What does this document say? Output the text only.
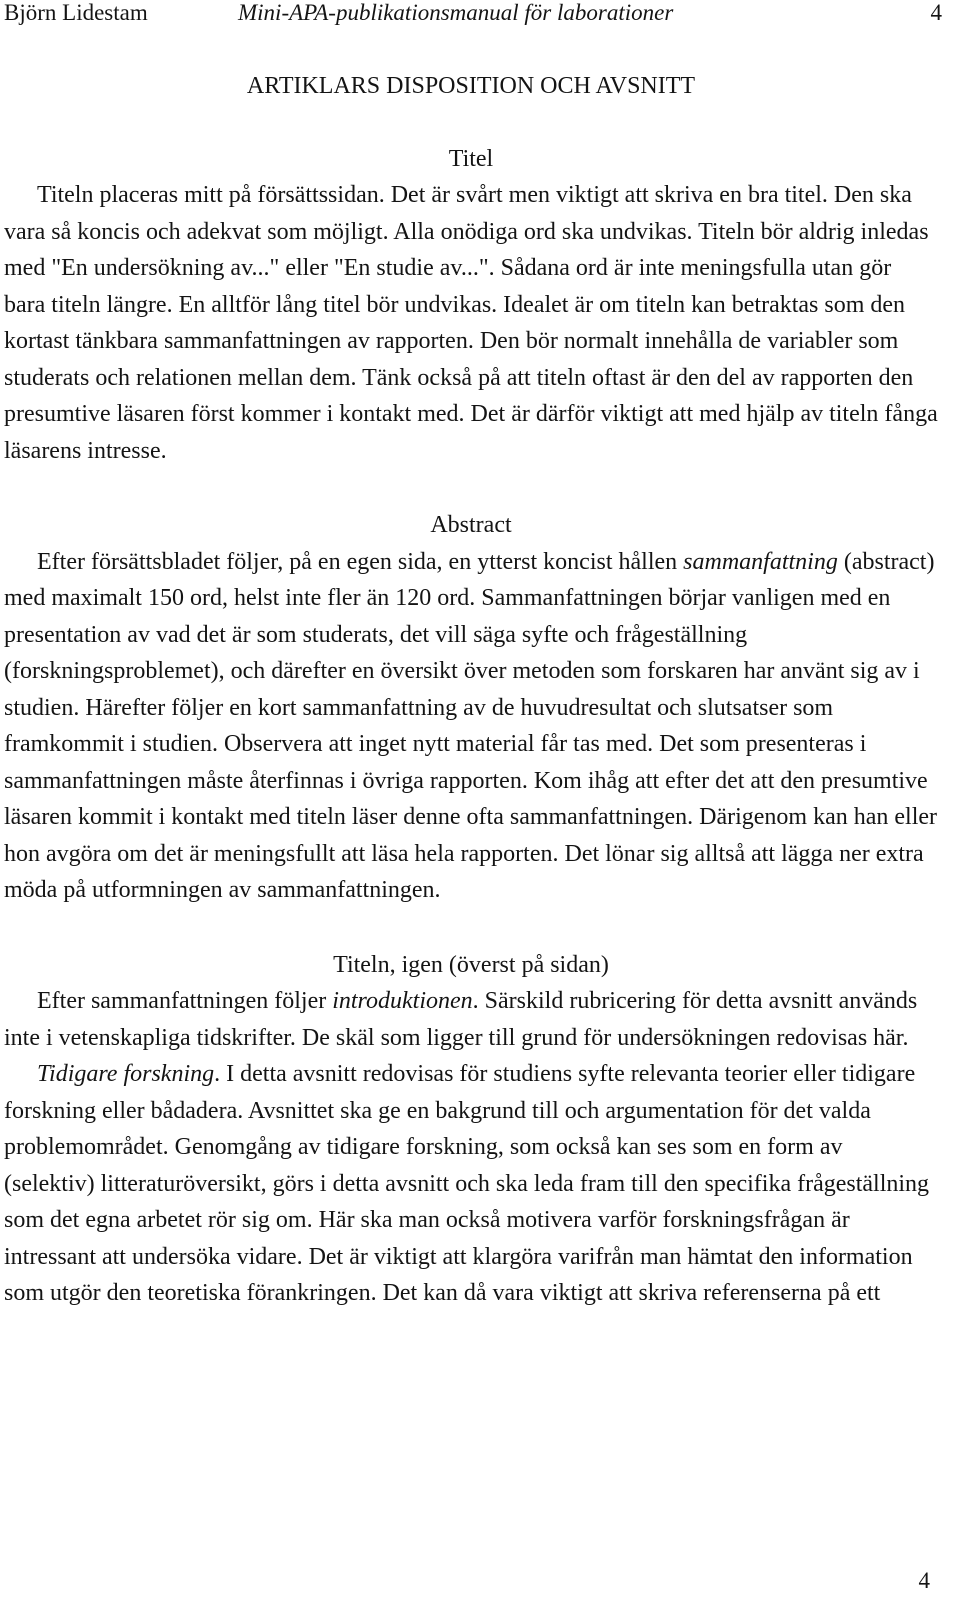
Björn Lidestam	Mini-APA-publikationsmanual för laborationer	4
ARTIKLARS DISPOSITION OCH AVSNITT
Titel

Titeln placeras mitt på försättssidan. Det är svårt men viktigt att skriva en bra titel. Den ska vara så koncis och adekvat som möjligt. Alla onödiga ord ska undvikas. Titeln bör aldrig inledas med "En undersökning av..." eller "En studie av...". Sådana ord är inte meningsfulla utan gör bara titeln längre. En alltför lång titel bör undvikas. Idealet är om titeln kan betraktas som den kortast tänkbara sammanfattningen av rapporten. Den bör normalt innehålla de variabler som studerats och relationen mellan dem. Tänk också på att titeln oftast är den del av rapporten den presumtive läsaren först kommer i kontakt med. Det är därför viktigt att med hjälp av titeln fånga läsarens intresse.

Abstract

Efter försättsbladet följer, på en egen sida, en ytterst koncist hållen sammanfattning (abstract) med maximalt 150 ord, helst inte fler än 120 ord. Sammanfattningen börjar vanligen med en presentation av vad det är som studerats, det vill säga syfte och frågeställning (forskningsproblemet), och därefter en översikt över metoden som forskaren har använt sig av i studien. Härefter följer en kort sammanfattning av de huvudresultat och slutsatser som framkommit i studien. Observera att inget nytt material får tas med. Det som presenteras i sammanfattningen måste återfinnas i övriga rapporten. Kom ihåg att efter det att den presumtive läsaren kommit i kontakt med titeln läser denne ofta sammanfattningen. Därigenom kan han eller hon avgöra om det är meningsfullt att läsa hela rapporten. Det lönar sig alltså att lägga ner extra möda på utformningen av sammanfattningen.

Titeln, igen (överst på sidan)

Efter sammanfattningen följer introduktionen. Särskild rubricering för detta avsnitt används inte i vetenskapliga tidskrifter. De skäl som ligger till grund för undersökningen redovisas här.

Tidigare forskning. I detta avsnitt redovisas för studiens syfte relevanta teorier eller tidigare forskning eller bådadera. Avsnittet ska ge en bakgrund till och argumentation för det valda problemområdet. Genomgång av tidigare forskning, som också kan ses som en form av (selektiv) litteraturöversikt, görs i detta avsnitt och ska leda fram till den specifika frågeställning som det egna arbetet rör sig om. Här ska man också motivera varför forskningsfrågan är intressant att undersöka vidare. Det är viktigt att klargöra varifrån man hämtat den information som utgör den teoretiska förankringen. Det kan då vara viktigt att skriva referenserna på ett

4
